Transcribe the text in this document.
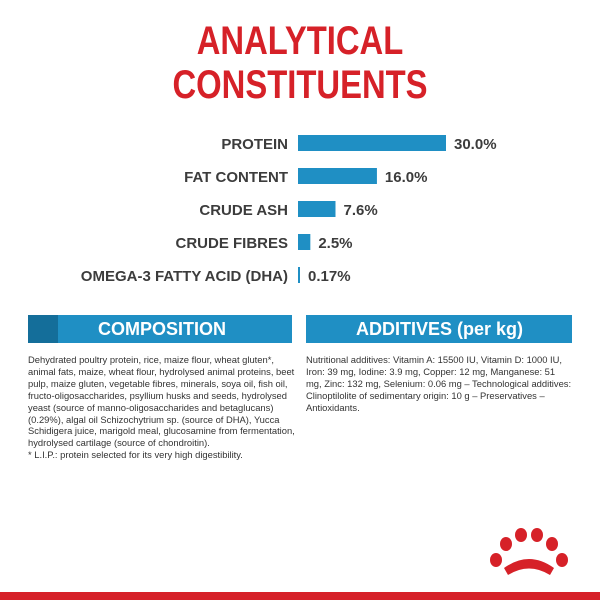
ANALYTICAL
CONSTITUENTS
PROTEIN	30.0%
FAT CONTENT	16.0%
CRUDE ASH	7.6%
CRUDE FIBRES 2.5%
OMEGA-3 FATTY ACID (DHA) 0.17%
COMPOSITION	ADDITIVES (per kg)

Dehydrated poultry protein, rice, maize flour, wheat gluten*, animal fats, maize, wheat flour, hydrolysed animal proteins, beet pulp, maize gluten, vegetable fibres, minerals, soya oil, fish oil, fructo-oligosaccharides, psyllium husks and seeds, hydrolysed yeast (source of manno-oligosaccharides and betaglucans) (0.29%), algal oil Schizochytrium sp. (source of DHA), Yucca Schidigera juice, marigold meal, glucosamine from fermentation, hydrolysed cartilage (source of chondroitin).

* L.I.P.: protein selected for its very high digestibility.

Nutritional additives: Vitamin A: 15500 IU, Vitamin D: 1000 IU, Iron: 39 mg, Iodine: 3.9 mg, Copper: 12 mg, Manganese: 51 mg, Zinc: 132 mg, Selenium: 0.06 mg – Technological additives: Clinoptilolite of sedimentary origin: 10 g – Preservatives – Antioxidants.
